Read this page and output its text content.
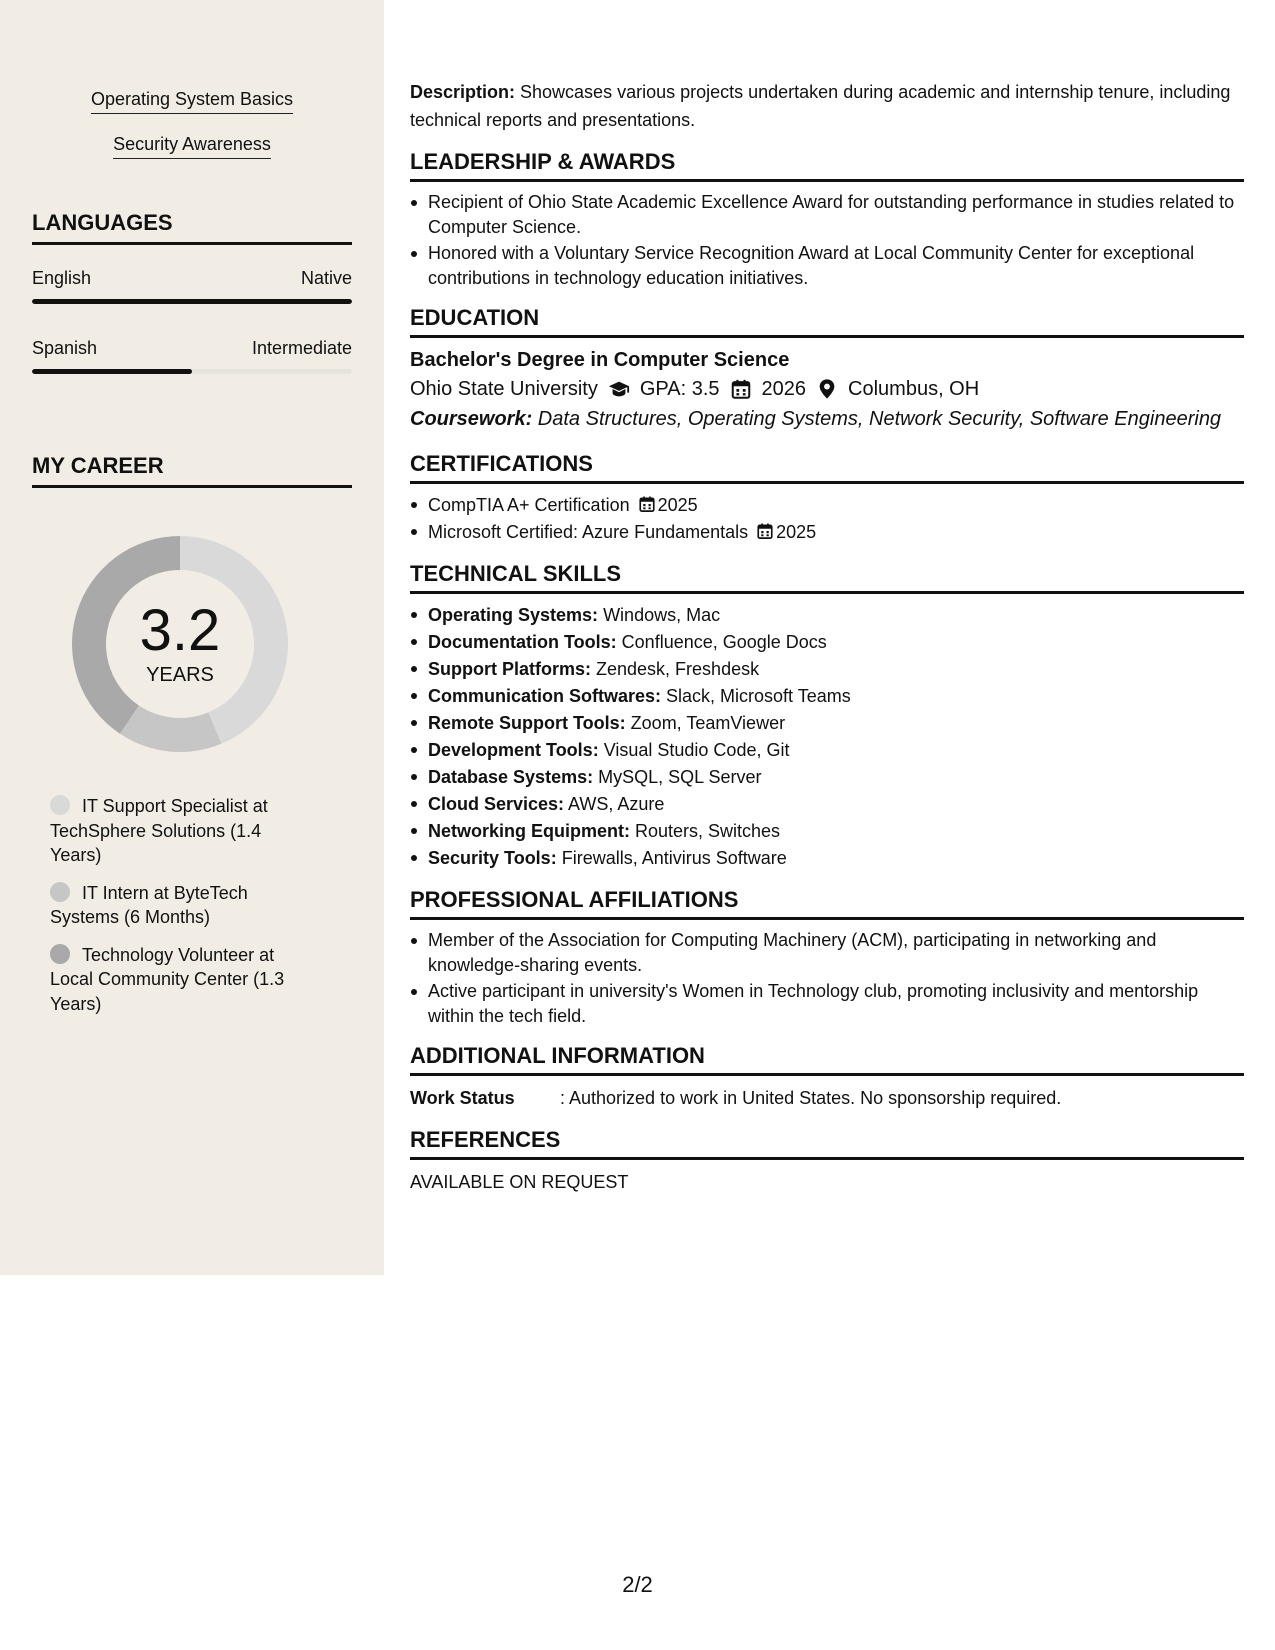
Operating System Basics
Security Awareness
LANGUAGES
English	Native
Spanish	Intermediate
MY CAREER
3.2
YEARS
IT Support Specialist at TechSphere Solutions (1.4 Years)
IT Intern at ByteTech Systems (6 Months)
Technology Volunteer at Local Community Center (1.3 Years)

Description: Showcases various projects undertaken during academic and internship tenure, including technical reports and presentations.

LEADERSHIP & AWARDS
Recipient of Ohio State Academic Excellence Award for outstanding performance in studies related to Computer Science.
Honored with a Voluntary Service Recognition Award at Local Community Center for exceptional contributions in technology education initiatives.
EDUCATION
Bachelor's Degree in Computer Science
Ohio State University GPA: 3.5 2026 Columbus, OH
Coursework: Data Structures, Operating Systems, Network Security, Software Engineering
CERTIFICATIONS
CompTIA A+ Certification 2025
Microsoft Certified: Azure Fundamentals 2025
TECHNICAL SKILLS
Operating Systems: Windows, Mac
Documentation Tools: Confluence, Google Docs
Support Platforms: Zendesk, Freshdesk
Communication Softwares: Slack, Microsoft Teams
Remote Support Tools: Zoom, TeamViewer
Development Tools: Visual Studio Code, Git
Database Systems: MySQL, SQL Server
Cloud Services: AWS, Azure
Networking Equipment: Routers, Switches
Security Tools: Firewalls, Antivirus Software
PROFESSIONAL AFFILIATIONS
Member of the Association for Computing Machinery (ACM), participating in networking and knowledge-sharing events.
Active participant in university's Women in Technology club, promoting inclusivity and mentorship within the tech field.
ADDITIONAL INFORMATION
Work Status	: Authorized to work in United States. No sponsorship required.
REFERENCES
AVAILABLE ON REQUEST
2/2
